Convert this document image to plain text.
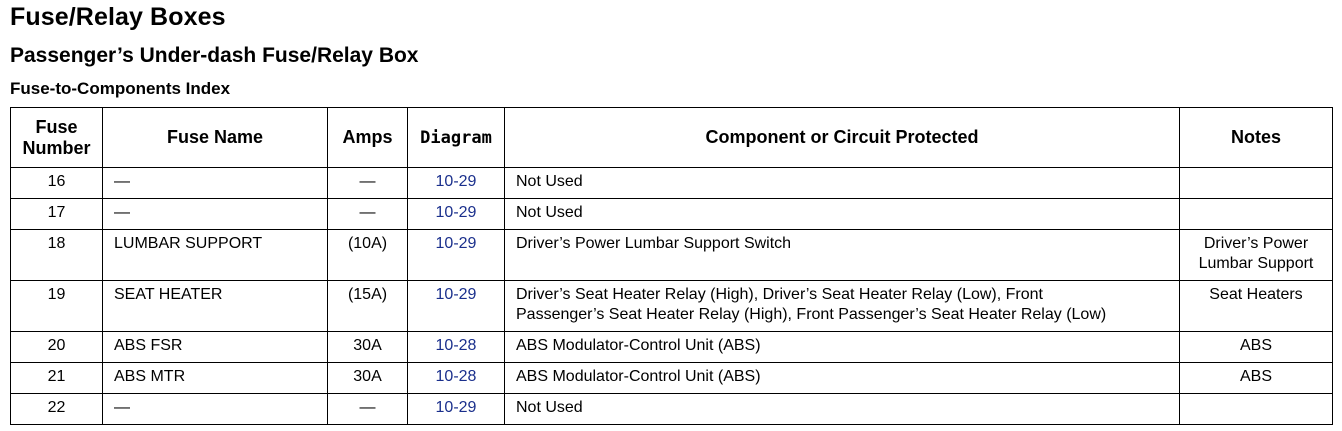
Fuse/Relay Boxes
Passenger’s Under-dash Fuse/Relay Box
Fuse-to-Components Index
Fuse
Number	Fuse Name	Amps	Diagram	Component or Circuit Protected	Notes
16	—	—	10-29	Not Used	

17	—	—	10-29	Not Used	

18	LUMBAR SUPPORT	(10A)	10-29	Driver’s Power Lumbar Support Switch	Driver’s Power
Lumbar Support

19	SEAT HEATER	(15A)	10-29	Driver’s Seat Heater Relay (High), Driver’s Seat Heater Relay (Low), Front
Passenger’s Seat Heater Relay (High), Front Passenger’s Seat Heater Relay (Low)	Seat Heaters

20	ABS FSR	30A	10-28	ABS Modulator-Control Unit (ABS)	ABS

21	ABS MTR	30A	10-28	ABS Modulator-Control Unit (ABS)	ABS

22	—	—	10-29	Not Used	
